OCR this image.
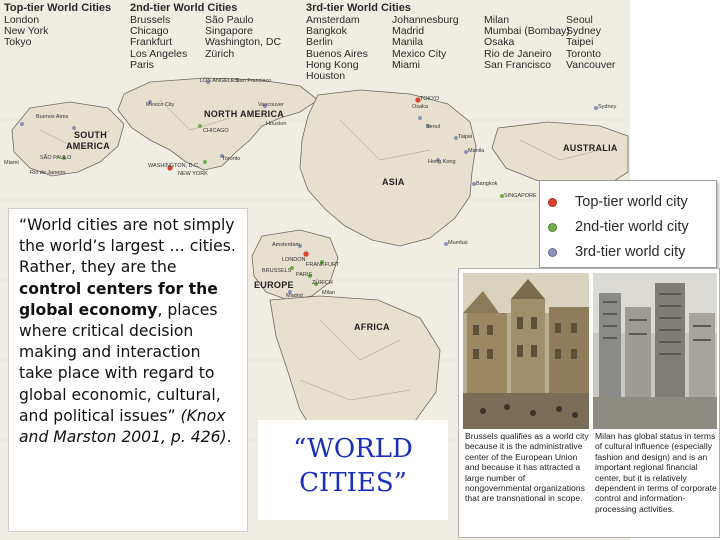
Top-tier World Cities
London
New York
Tokyo
2nd-tier World Cities
Brussels
Chicago
Frankfurt
Los Angeles
Paris
São Paulo
Singapore
Washington, DC
Zürich
3rd-tier World Cities
Amsterdam
Bangkok
Berlin
Buenos Aires
Hong Kong
Houston
Johannesburg
Madrid
Manila
Mexico City
Miami
Milan
Mumbai (Bombay)
Osaka
Rio de Janeiro
San Francisco
Seoul
Sydney
Taipei
Toronto
Vancouver
NORTH AMERICA
SOUTH
AMERICA
ASIA
AUSTRALIA
EUROPE
AFRICA
LOS ANGELES
San Francisco
Vancouver
Mexico City
Houston
CHICAGO
Toronto
WASHINGTON, D.C.
NEW YORK
Miami
Buenos Aires
Rio de Janeiro
SÃO PAULO
TOKYO
Osaka
Seoul
Taipei
Hong Kong
Manila
Bangkok
SINGAPORE
Sydney
Mumbai
Amsterdam
LONDON
BRUSSELS
PARIS
FRANKFURT
ZÜRICH
Madrid	Milan

“World cities are not simply the world’s largest … cities. Rather, they are the control centers for the global economy, places where critical decision making and interaction take place with regard to global economic, cultural, and political issues” (Knox and Marston 2001, p. 426).

Top-tier world city
2nd-tier world city
3rd-tier world city
“WORLD
CITIES”
Brussels qualifies as a world city because it is the administrative center of the European Union and because it has attracted a large number of nongovernmental organizations that are transnational in scope.
Milan has global status in terms of cultural influence (especially fashion and design) and is an important regional financial center, but it is relatively dependent in terms of corporate control and information-processing activities.
